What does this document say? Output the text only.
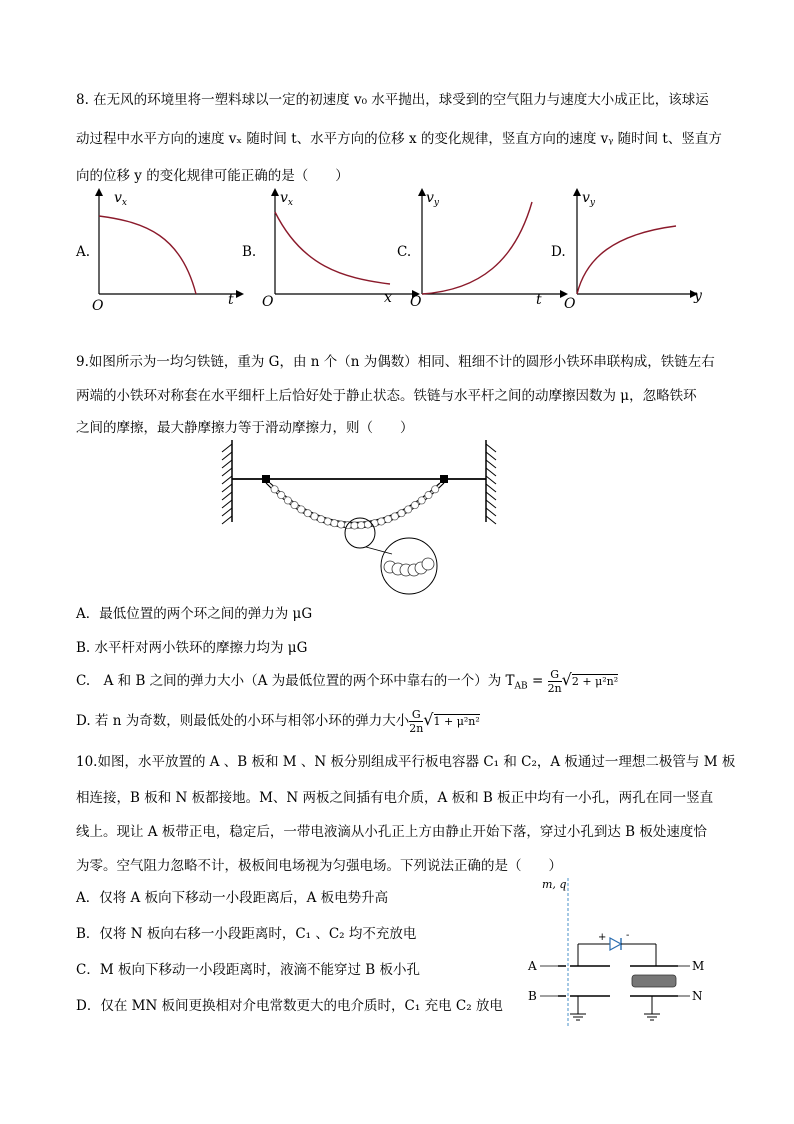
8. 在无风的环境里将一塑料球以一定的初速度 v₀ 水平抛出，球受到的空气阻力与速度大小成正比，该球运
动过程中水平方向的速度 vₓ 随时间 t、水平方向的位移 x 的变化规律，竖直方向的速度 vᵧ 随时间 t、竖直方
向的位移 y 的变化规律可能正确的是（　　）
A.
$v_x$
t
O
B.
$v_x$
x
O
C.
$v_y$
t
O
D.
$v_y$
y
O
9.如图所示为一均匀铁链，重为 G，由 n 个（n 为偶数）相同、粗细不计的圆形小铁环串联构成，铁链左右
两端的小铁环对称套在水平细杆上后恰好处于静止状态。铁链与水平杆之间的动摩擦因数为 μ，忽略铁环
之间的摩擦，最大静摩擦力等于滑动摩擦力，则（　　）
A．最低位置的两个环之间的弹力为 μG
B. 水平杆对两小铁环的摩擦力均为 μG
C.　A 和 B 之间的弹力大小（A 为最低位置的两个环中靠右的一个）为 $T_{AB} = \frac{G}{2n} √2 + \mu^2n^2$
D. 若 n 为奇数，则最低处的小环与相邻小环的弹力大小 $\frac{G}{2n} √1 + \mu^2n^2$
10.如图，水平放置的 A 、B 板和 M 、N 板分别组成平行板电容器 C₁ 和 C₂，A 板通过一理想二极管与 M 板
相连接，B 板和 N 板都接地。M、N 两板之间插有电介质，A 板和 B 板正中均有一小孔，两孔在同一竖直
线上。现让 A 板带正电，稳定后，一带电液滴从小孔正上方由静止开始下落，穿过小孔到达 B 板处速度恰
为零。空气阻力忽略不计，极板间电场视为匀强电场。下列说法正确的是（　　）
A．仅将 A 板向下移动一小段距离后，A 板电势升高
B．仅将 N 板向右移一小段距离时，C₁ 、C₂ 均不充放电
C．M 板向下移动一小段距离时，液滴不能穿过 B 板小孔
D．仅在 MN 板间更换相对介电常数更大的电介质时，C₁ 充电 C₂ 放电
m, q
A
B
+ -
M
N
